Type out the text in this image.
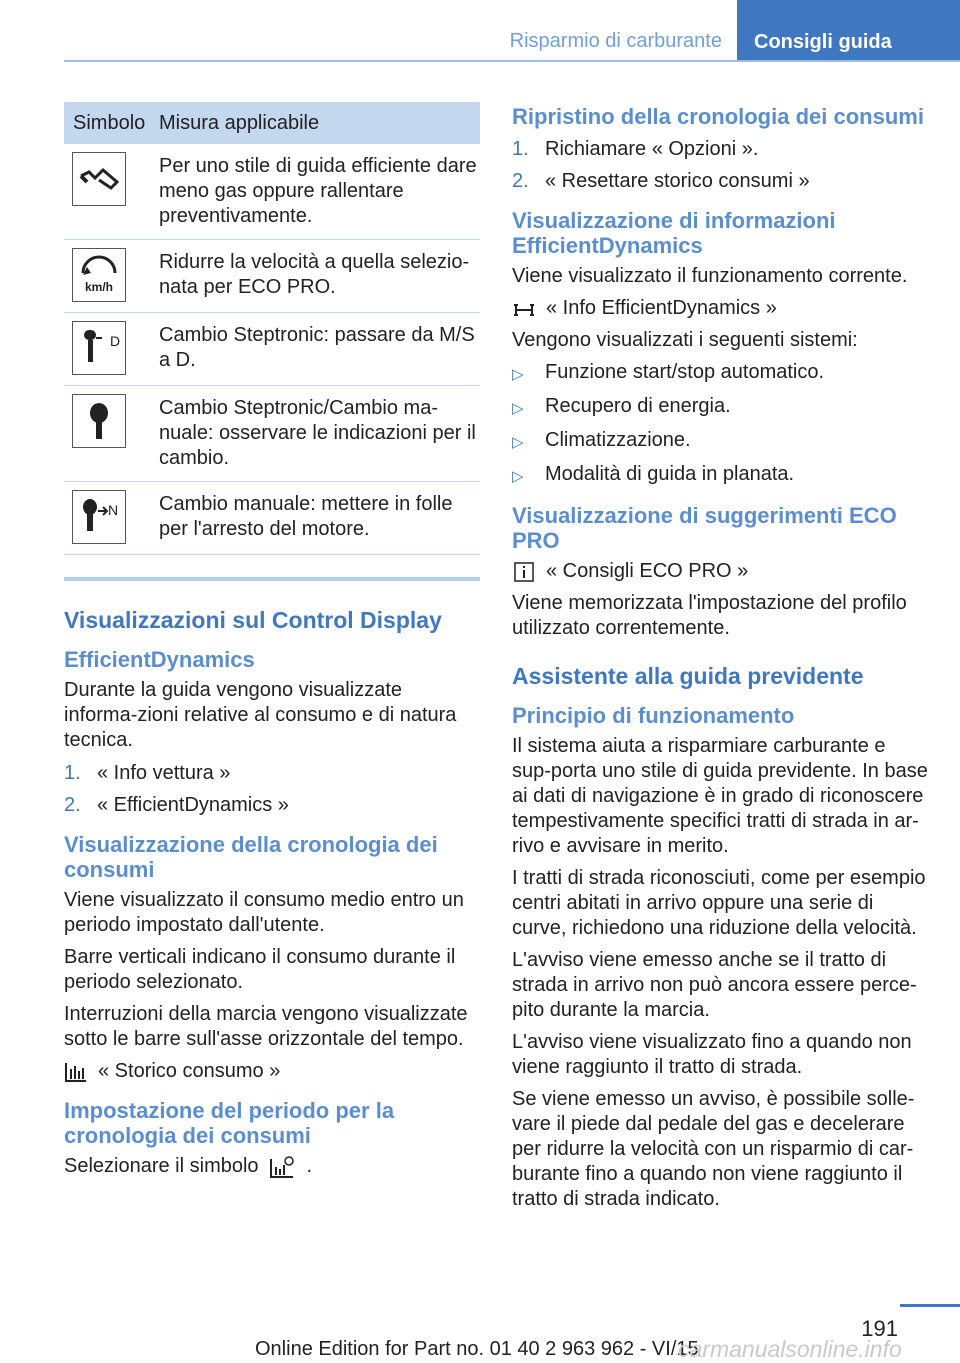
Risparmio di carburante Consigli guida
Simbolo	Misura applicabile

	Per uno stile di guida efficiente dare meno gas oppure rallentare preventivamente.

km/h	Ridurre la velocità a quella selezio-nata per ECO PRO.

D	Cambio Steptronic: passare da M/S a D.

	Cambio Steptronic/Cambio ma-nuale: osservare le indicazioni per il cambio.

N	Cambio manuale: mettere in folle per l'arresto del motore.
Visualizzazioni sul Control Display
EfficientDynamics

Durante la guida vengono visualizzate informa-zioni relative al consumo e di natura tecnica.

1. « Info vettura »
2. « EfficientDynamics »
Visualizzazione della cronologia dei consumi

Viene visualizzato il consumo medio entro un periodo impostato dall'utente.

Barre verticali indicano il consumo durante il periodo selezionato.

Interruzioni della marcia vengono visualizzate sotto le barre sull'asse orizzontale del tempo.

« Storico consumo »
Impostazione del periodo per la cronologia dei consumi
Selezionare il simbolo .
Ripristino della cronologia dei consumi
1. Richiamare « Opzioni ».
2. « Resettare storico consumi »
Visualizzazione di informazioni EfficientDynamics

Viene visualizzato il funzionamento corrente.

« Info EfficientDynamics »

Vengono visualizzati i seguenti sistemi:

▷	Funzione start/stop automatico.
▷	Recupero di energia.
▷	Climatizzazione.
▷	Modalità di guida in planata.
Visualizzazione di suggerimenti ECO PRO
« Consigli ECO PRO »

Viene memorizzata l'impostazione del profilo utilizzato correntemente.

Assistente alla guida previdente
Principio di funzionamento

Il sistema aiuta a risparmiare carburante e sup-porta uno stile di guida previdente. In base ai dati di navigazione è in grado di riconoscere tempestivamente specifici tratti di strada in ar-rivo e avvisare in merito.

I tratti di strada riconosciuti, come per esempio centri abitati in arrivo oppure una serie di curve, richiedono una riduzione della velocità.

L'avviso viene emesso anche se il tratto di strada in arrivo non può ancora essere perce-pito durante la marcia.

L'avviso viene visualizzato fino a quando non viene raggiunto il tratto di strada.

Se viene emesso un avviso, è possibile solle-vare il piede dal pedale del gas e decelerare per ridurre la velocità con un risparmio di car-burante fino a quando non viene raggiunto il tratto di strada indicato.

191
Online Edition for Part no. 01 40 2 963 962 - VI/15
carmanualsonline.info
